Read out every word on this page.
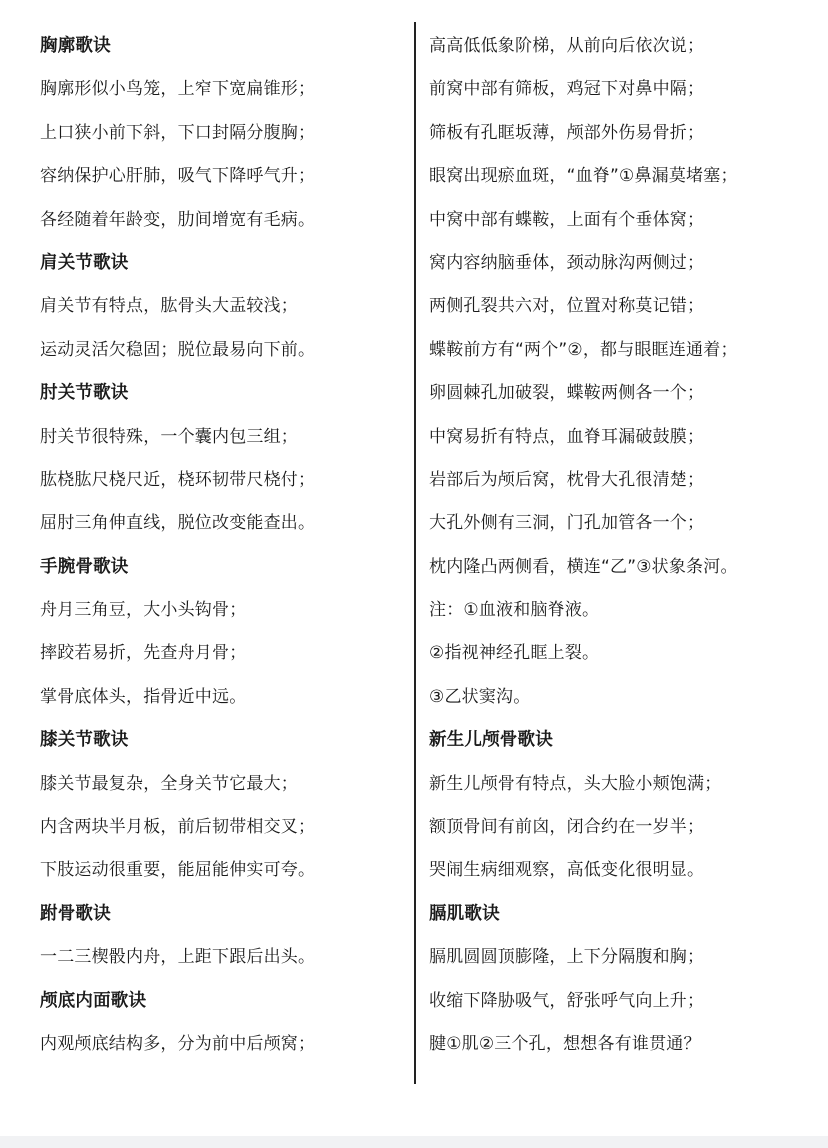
胸廓歌诀
胸廓形似小鸟笼，上窄下宽扁锥形；
上口狭小前下斜，下口封隔分腹胸；
容纳保护心肝肺，吸气下降呼气升；
各经随着年龄变，肋间增宽有毛病。
肩关节歌诀
肩关节有特点，肱骨头大盂较浅；
运动灵活欠稳固；脱位最易向下前。
肘关节歌诀
肘关节很特殊，一个囊内包三组；
肱桡肱尺桡尺近，桡环韧带尺桡付；
屈肘三角伸直线，脱位改变能查出。
手腕骨歌诀
舟月三角豆，大小头钩骨；
摔跤若易折，先查舟月骨；
掌骨底体头，指骨近中远。
膝关节歌诀
膝关节最复杂，全身关节它最大；
内含两块半月板，前后韧带相交叉；
下肢运动很重要，能屈能伸实可夸。
跗骨歌诀
一二三楔骰内舟，上距下跟后出头。
颅底内面歌诀
内观颅底结构多，分为前中后颅窝；
高高低低象阶梯，从前向后依次说；
前窝中部有筛板，鸡冠下对鼻中隔；
筛板有孔眶坂薄，颅部外伤易骨折；
眼窝出现瘀血斑，“血脊”①鼻漏莫堵塞；
中窝中部有蝶鞍，上面有个垂体窝；
窝内容纳脑垂体，颈动脉沟两侧过；
两侧孔裂共六对，位置对称莫记错；
蝶鞍前方有“两个”②，都与眼眶连通着；
卵圆棘孔加破裂，蝶鞍两侧各一个；
中窝易折有特点，血脊耳漏破鼓膜；
岩部后为颅后窝，枕骨大孔很清楚；
大孔外侧有三洞，门孔加管各一个；
枕内隆凸两侧看，横连“乙”③状象条河。
注：①血液和脑脊液。
②指视神经孔眶上裂。
③乙状窦沟。
新生儿颅骨歌诀
新生儿颅骨有特点，头大脸小颊饱满；
额顶骨间有前囟，闭合约在一岁半；
哭闹生病细观察，高低变化很明显。
膈肌歌诀
膈肌圆圆顶膨隆，上下分隔腹和胸；
收缩下降胁吸气，舒张呼气向上升；
腱①肌②三个孔，想想各有谁贯通？
